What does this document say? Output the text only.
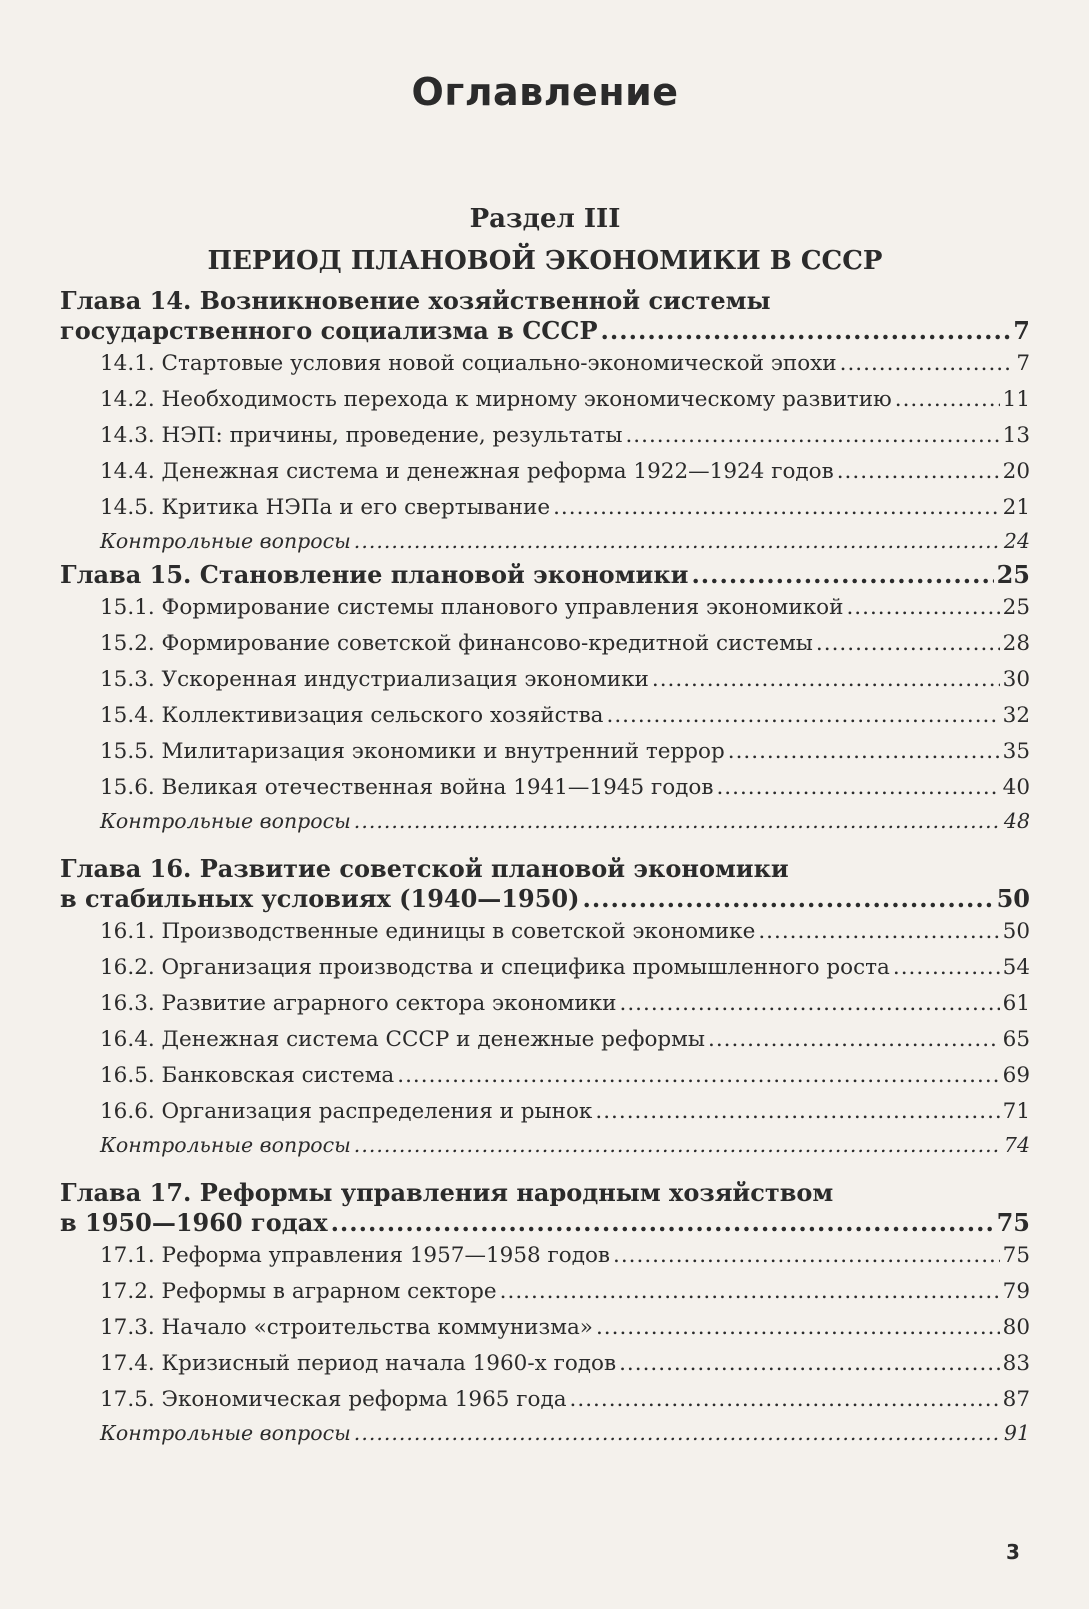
Оглавление
Раздел III
ПЕРИОД ПЛАНОВОЙ ЭКОНОМИКИ В СССР
Глава 14. Возникновение хозяйственной системы
государственного социализма в СССР .....	7
14.1. Стартовые условия новой социально-экономической эпохи .....	7
14.2. Необходимость перехода к мирному экономическому развитию .....	11
14.3. НЭП: причины, проведение, результаты .....	13
14.4. Денежная система и денежная реформа 1922—1924 годов .....	20
14.5. Критика НЭПа и его свертывание .....	21
Контрольные вопросы .....	24
Глава 15. Становление плановой экономики .....	25
15.1. Формирование системы планового управления экономикой .....	25
15.2. Формирование советской финансово-кредитной системы .....	28
15.3. Ускоренная индустриализация экономики .....	30
15.4. Коллективизация сельского хозяйства .....	32
15.5. Милитаризация экономики и внутренний террор .....	35
15.6. Великая отечественная война 1941—1945 годов .....	40
Контрольные вопросы .....	48
Глава 16. Развитие советской плановой экономики
в стабильных условиях (1940—1950) .....	50
16.1. Производственные единицы в советской экономике .....	50
16.2. Организация производства и специфика промышленного роста .....	54
16.3. Развитие аграрного сектора экономики .....	61
16.4. Денежная система СССР и денежные реформы .....	65
16.5. Банковская система .....	69
16.6. Организация распределения и рынок .....	71
Контрольные вопросы .....	74
Глава 17. Реформы управления народным хозяйством
в 1950—1960 годах .....	75
17.1. Реформа управления 1957—1958 годов .....	75
17.2. Реформы в аграрном секторе .....	79
17.3. Начало «строительства коммунизма» .....	80
17.4. Кризисный период начала 1960-х годов .....	83
17.5. Экономическая реформа 1965 года .....	87
Контрольные вопросы .....	91
3
